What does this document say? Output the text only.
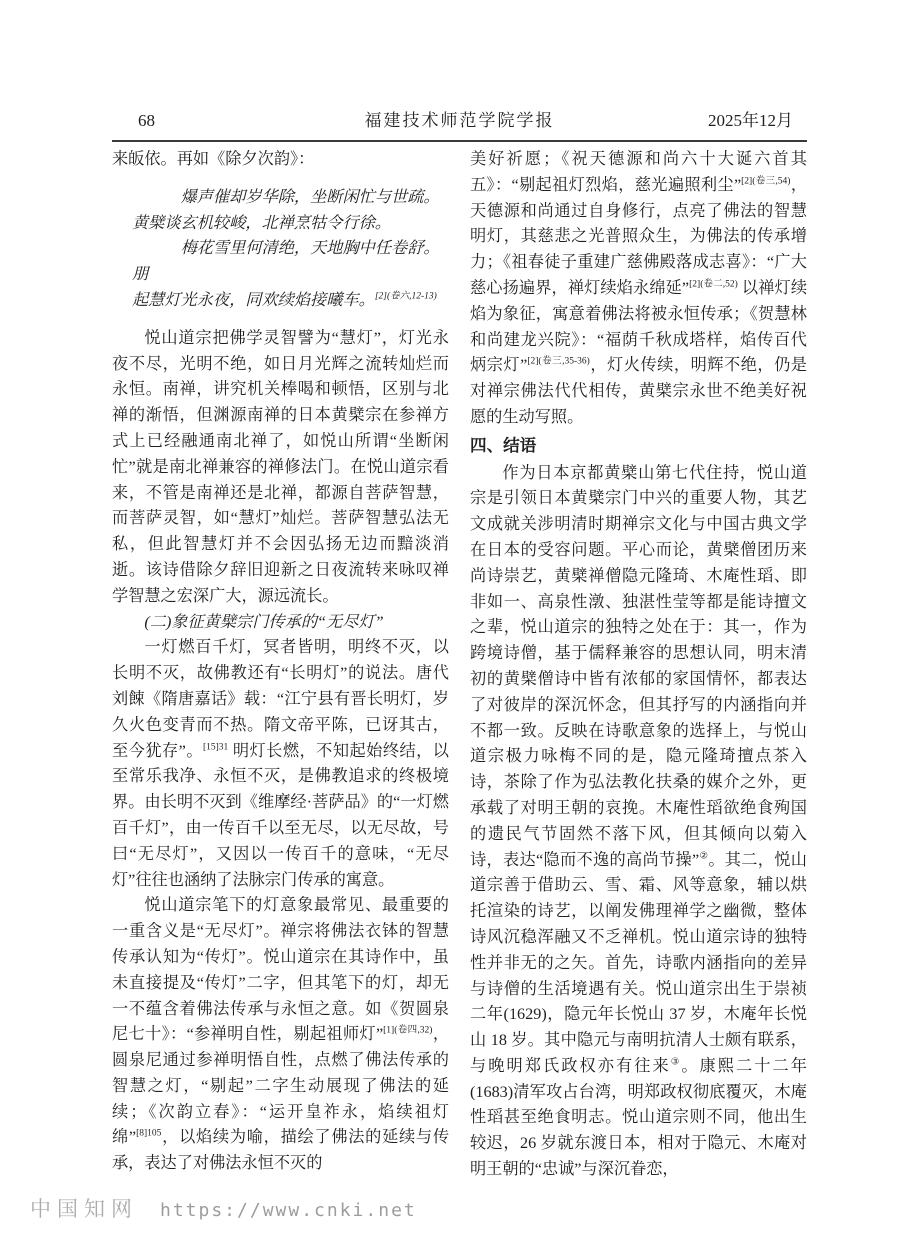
68	福建技术师范学院学报	2025年12月
来皈依。再如《除夕次韵》：
爆声催却岁华除，坐断闲忙与世疏。
黄檗谈玄机较峻，北禅烹牯令行徐。
梅花雪里何清绝，天地胸中任卷舒。朋
起慧灯光永夜，同欢续焰接曦车。$^{[2](卷六,12-13)}$
悦山道宗把佛学灵智譬为“慧灯”，灯光永夜不尽，光明不绝，如日月光辉之流转灿烂而永恒。南禅，讲究机关棒喝和顿悟，区别与北禅的渐悟，但渊源南禅的日本黄檗宗在参禅方式上已经融通南北禅了，如悦山所谓“坐断闲忙”就是南北禅兼容的禅修法门。在悦山道宗看来，不管是南禅还是北禅，都源自菩萨智慧，而菩萨灵智，如“慧灯”灿烂。菩萨智慧弘法无私，但此智慧灯并不会因弘扬无边而黯淡消逝。该诗借除夕辞旧迎新之日夜流转来咏叹禅学智慧之宏深广大，源远流长。
(二)象征黄檗宗门传承的“无尽灯”
一灯燃百千灯，冥者皆明，明终不灭，以长明不灭，故佛教还有“长明灯”的说法。唐代刘餗《隋唐嘉话》载：“江宁县有晋长明灯，岁久火色变青而不热。隋文帝平陈，已讶其古，至今犹存”。$^{[15]31}$ 明灯长燃，不知起始终结，以至常乐我净、永恒不灭，是佛教追求的终极境界。由长明不灭到《维摩经·菩萨品》的“一灯燃百千灯”，由一传百千以至无尽，以无尽故，号曰“无尽灯”，又因以一传百千的意味，“无尽灯”往往也涵纳了法脉宗门传承的寓意。
悦山道宗笔下的灯意象最常见、最重要的一重含义是“无尽灯”。禅宗将佛法衣钵的智慧传承认知为“传灯”。悦山道宗在其诗作中，虽未直接提及“传灯”二字，但其笔下的灯，却无一不蕴含着佛法传承与永恒之意。如《贺圆泉尼七十》：“参禅明自性，剔起祖师灯”$^{[1](卷四,32)}$，圆泉尼通过参禅明悟自性，点燃了佛法传承的智慧之灯，“剔起”二字生动展现了佛法的延续；《次韵立春》：“运开皇祚永，焰续祖灯绵”$^{[8]105}$，以焰续为喻，描绘了佛法的延续与传承，表达了对佛法永恒不灭的
美好祈愿；《祝天德源和尚六十大诞六首其五》：“剔起祖灯烈焰，慈光遍照利尘”$^{[2](卷三,54)}$，天德源和尚通过自身修行，点亮了佛法的智慧明灯，其慈悲之光普照众生，为佛法的传承增力；《祖春徒子重建广慈佛殿落成志喜》：“广大慈心扬遍界，禅灯续焰永绵延”$^{[2](卷二,52)}$ 以禅灯续焰为象征，寓意着佛法将被永恒传承；《贺慧林和尚建龙兴院》：“福荫千秋成塔样，焰传百代炳宗灯”$^{[2](卷三,35-36)}$，灯火传续，明辉不绝，仍是对禅宗佛法代代相传，黄檗宗永世不绝美好祝愿的生动写照。
四、结语
作为日本京都黄檗山第七代住持，悦山道宗是引领日本黄檗宗门中兴的重要人物，其艺文成就关涉明清时期禅宗文化与中国古典文学在日本的受容问题。平心而论，黄檗僧团历来尚诗崇艺，黄檗禅僧隐元隆琦、木庵性瑫、即非如一、高泉性潡、独湛性莹等都是能诗擅文之辈，悦山道宗的独特之处在于：其一，作为跨境诗僧，基于儒释兼容的思想认同，明末清初的黄檗僧诗中皆有浓郁的家国情怀，都表达了对彼岸的深沉怀念，但其抒写的内涵指向并不都一致。反映在诗歌意象的选择上，与悦山道宗极力咏梅不同的是，隐元隆琦擅点茶入诗，茶除了作为弘法教化扶桑的媒介之外，更承载了对明王朝的哀挽。木庵性瑫欲绝食殉国的遗民气节固然不落下风，但其倾向以菊入诗，表达“隐而不逸的高尚节操”②。其二，悦山道宗善于借助云、雪、霜、风等意象，辅以烘托渲染的诗艺，以阐发佛理禅学之幽微，整体诗风沉稳浑融又不乏禅机。悦山道宗诗的独特性并非无的之矢。首先，诗歌内涵指向的差异与诗僧的生活境遇有关。悦山道宗出生于崇祯二年(1629)，隐元年长悦山 37 岁，木庵年长悦山 18 岁。其中隐元与南明抗清人士颇有联系，与晚明郑氏政权亦有往来③。康熙二十二年(1683)清军攻占台湾，明郑政权彻底覆灭，木庵性瑫甚至绝食明志。悦山道宗则不同，他出生较迟，26 岁就东渡日本，相对于隐元、木庵对明王朝的“忠诚”与深沉眷恋，
中国知网 https://www.cnki.net
